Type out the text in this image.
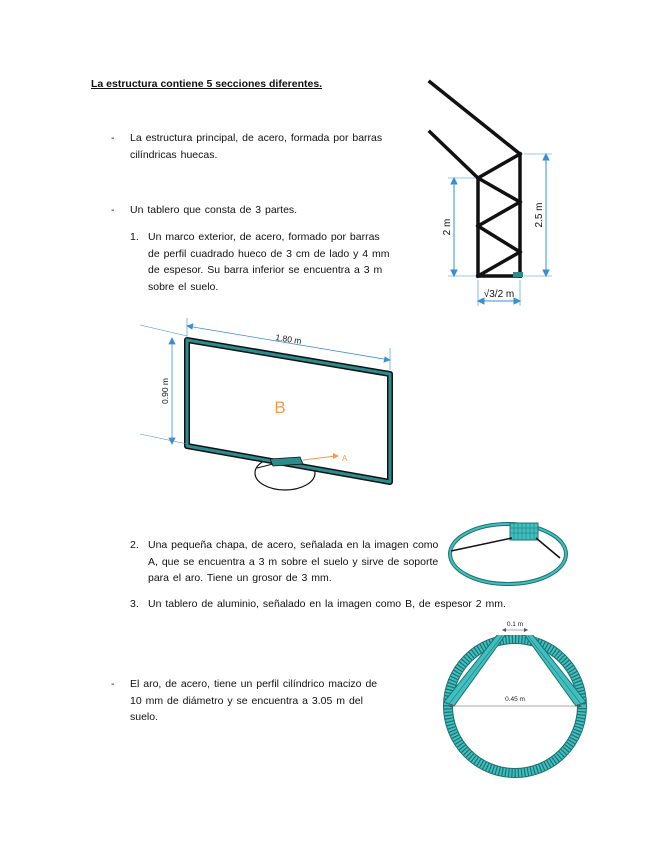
La estructura contiene 5 secciones diferentes.
-	La estructura principal, de acero, formada por barras cilíndricas huecas.
-	Un tablero que consta de 3 partes.
1. Un marco exterior, de acero, formado por barras de perfil cuadrado hueco de 3 cm de lado y 4 mm de espesor. Su barra inferior se encuentra a 3 m sobre el suelo.
2. Una pequeña chapa, de acero, señalada en la imagen como A, que se encuentra a 3 m sobre el suelo y sirve de soporte para el aro. Tiene un grosor de 3 mm.
3. Un tablero de aluminio, señalado en la imagen como B, de espesor 2 mm.
-	El aro, de acero, tiene un perfil cilíndrico macizo de 10 mm de diámetro y se encuentra a 3.05 m del suelo.
2 m	2.5 m
√3/2 m
A
B
1.80 m
0.90 m
0.1 m
0.45 m
